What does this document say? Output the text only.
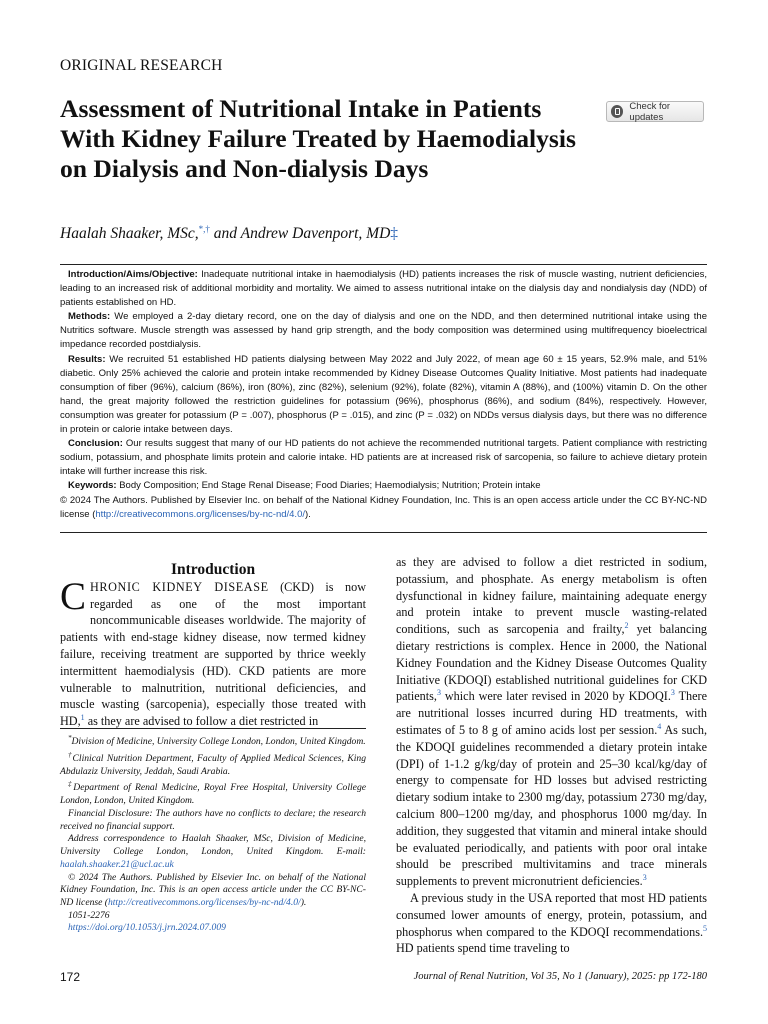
ORIGINAL RESEARCH
Assessment of Nutritional Intake in Patients With Kidney Failure Treated by Haemodialysis on Dialysis and Non-dialysis Days
Check for updates
Haalah Shaaker, MSc,*,† and Andrew Davenport, MD‡

Introduction/Aims/Objective: Inadequate nutritional intake in haemodialysis (HD) patients increases the risk of muscle wasting, nutrient deficiencies, leading to an increased risk of additional morbidity and mortality. We aimed to assess nutritional intake on the dialysis day and nondialysis day (NDD) of patients established on HD.

Methods: We employed a 2-day dietary record, one on the day of dialysis and one on the NDD, and then determined nutritional intake using the Nutritics software. Muscle strength was assessed by hand grip strength, and the body composition was determined using multifrequency bioelectrical impedance recorded postdialysis.

Results: We recruited 51 established HD patients dialysing between May 2022 and July 2022, of mean age 60 ± 15 years, 52.9% male, and 51% diabetic. Only 25% achieved the calorie and protein intake recommended by Kidney Disease Outcomes Quality Initiative. Most patients had inadequate consumption of fiber (96%), calcium (86%), iron (80%), zinc (82%), selenium (92%), folate (82%), vitamin A (88%), and (100%) vitamin D. On the other hand, the great majority followed the restriction guidelines for potassium (96%), phosphorus (86%), and sodium (84%), respectively. However, consumption was greater for potassium (P = .007), phosphorus (P = .015), and zinc (P = .032) on NDDs versus dialysis days, but there was no difference in protein or calorie intake between days.

Conclusion: Our results suggest that many of our HD patients do not achieve the recommended nutritional targets. Patient compliance with restricting sodium, potassium, and phosphate limits protein and calorie intake. HD patients are at increased risk of sarcopenia, so failure to achieve dietary protein intake will further increase this risk.

Keywords: Body Composition; End Stage Renal Disease; Food Diaries; Haemodialysis; Nutrition; Protein intake

© 2024 The Authors. Published by Elsevier Inc. on behalf of the National Kidney Foundation, Inc. This is an open access article under the CC BY-NC-ND license (http://creativecommons.org/licenses/by-nc-nd/4.0/).

Introduction

CHRONIC KIDNEY DISEASE (CKD) is now regarded as one of the most important noncommunicable diseases worldwide. The majority of patients with end-stage kidney disease, now termed kidney failure, receiving treatment are supported by thrice weekly intermittent haemodialysis (HD). CKD patients are more vulnerable to malnutrition, nutritional deficiencies, and muscle wasting (sarcopenia), especially those treated with HD,$^1$ as they are advised to follow a diet restricted in

*Division of Medicine, University College London, London, United Kingdom.

†Clinical Nutrition Department, Faculty of Applied Medical Sciences, King Abdulaziz University, Jeddah, Saudi Arabia.

‡Department of Renal Medicine, Royal Free Hospital, University College London, London, United Kingdom.

Financial Disclosure: The authors have no conflicts to declare; the research received no financial support.

Address correspondence to Haalah Shaaker, MSc, Division of Medicine, University College London, London, United Kingdom. E-mail: haalah.shaaker.21@ucl.ac.uk

© 2024 The Authors. Published by Elsevier Inc. on behalf of the National Kidney Foundation, Inc. This is an open access article under the CC BY-NC-ND license (http://creativecommons.org/licenses/by-nc-nd/4.0/).

1051-2276

https://doi.org/10.1053/j.jrn.2024.07.009

as they are advised to follow a diet restricted in sodium, potassium, and phosphate. As energy metabolism is often dysfunctional in kidney failure, maintaining adequate energy and protein intake to prevent muscle wasting-related conditions, such as sarcopenia and frailty,$^2$ yet balancing dietary restrictions is complex. Hence in 2000, the National Kidney Foundation and the Kidney Disease Outcomes Quality Initiative (KDOQI) established nutritional guidelines for CKD patients,$^3$ which were later revised in 2020 by KDOQI.$^3$ There are nutritional losses incurred during HD treatments, with estimates of 5 to 8 g of amino acids lost per session.$^4$ As such, the KDOQI guidelines recommended a dietary protein intake (DPI) of 1-1.2 g/kg/day of protein and 25–30 kcal/kg/day of energy to compensate for HD losses but advised restricting dietary sodium intake to 2300 mg/day, potassium 2730 mg/day, calcium 800–1200 mg/day, and phosphorus 1000 mg/day. In addition, they suggested that vitamin and mineral intake should be evaluated periodically, and patients with poor oral intake should be prescribed multivitamins and trace minerals supplements to prevent micronutrient deficiencies.$^3$

A previous study in the USA reported that most HD patients consumed lower amounts of energy, protein, potassium, and phosphorus when compared to the KDOQI recommendations.$^5$ HD patients spend time traveling to

172	Journal of Renal Nutrition, Vol 35, No 1 (January), 2025: pp 172-180
